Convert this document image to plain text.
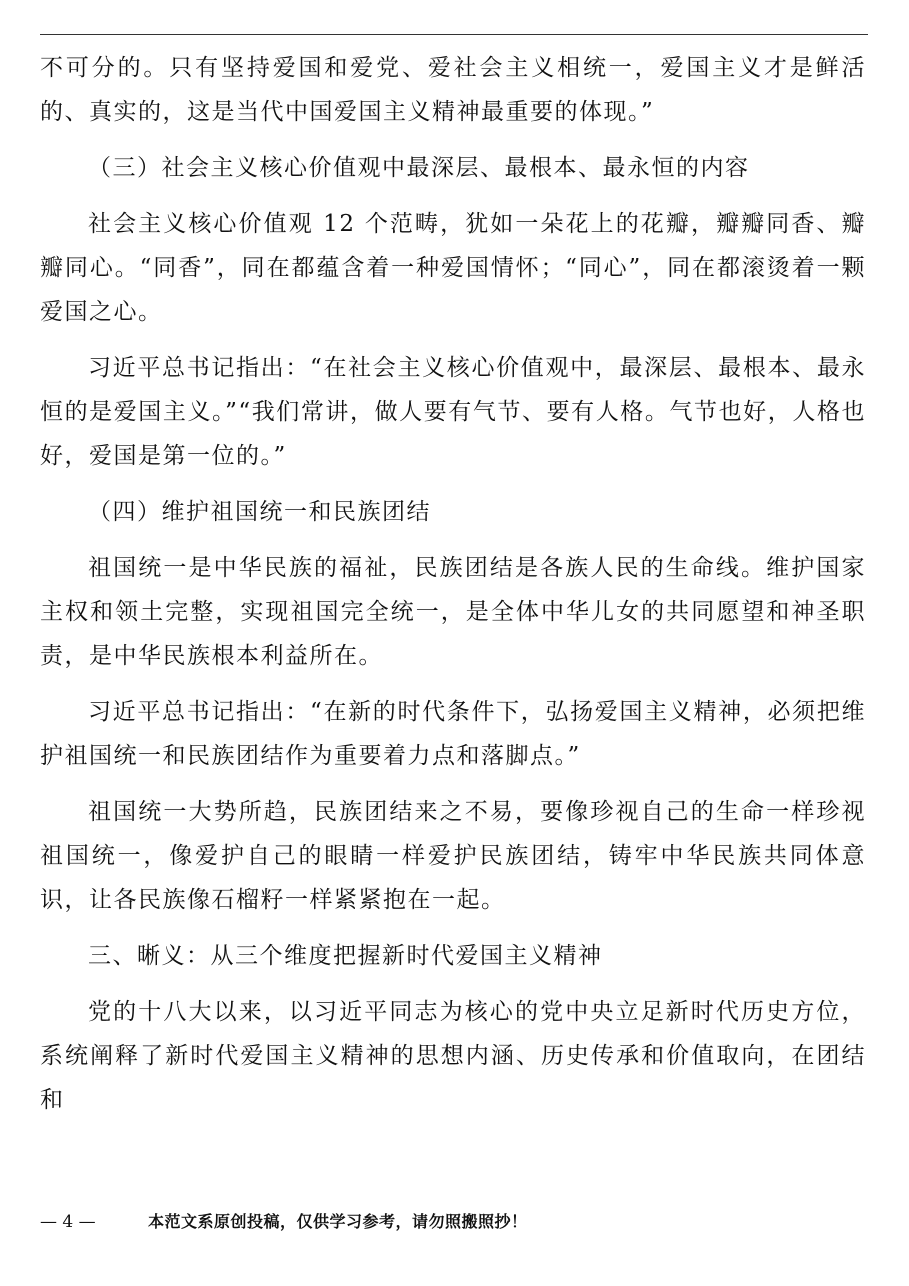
不可分的。只有坚持爱国和爱党、爱社会主义相统一，爱国主义才是鲜活的、真实的，这是当代中国爱国主义精神最重要的体现。”

（三）社会主义核心价值观中最深层、最根本、最永恒的内容

社会主义核心价值观 12 个范畴，犹如一朵花上的花瓣，瓣瓣同香、瓣瓣同心。“同香”，同在都蕴含着一种爱国情怀；“同心”，同在都滚烫着一颗爱国之心。

习近平总书记指出：“在社会主义核心价值观中，最深层、最根本、最永恒的是爱国主义。”“我们常讲，做人要有气节、要有人格。气节也好，人格也好，爱国是第一位的。”

（四）维护祖国统一和民族团结

祖国统一是中华民族的福祉，民族团结是各族人民的生命线。维护国家主权和领土完整，实现祖国完全统一，是全体中华儿女的共同愿望和神圣职责，是中华民族根本利益所在。

习近平总书记指出：“在新的时代条件下，弘扬爱国主义精神，必须把维护祖国统一和民族团结作为重要着力点和落脚点。”

祖国统一大势所趋，民族团结来之不易，要像珍视自己的生命一样珍视祖国统一，像爱护自己的眼睛一样爱护民族团结，铸牢中华民族共同体意识，让各民族像石榴籽一样紧紧抱在一起。

三、晰义：从三个维度把握新时代爱国主义精神

党的十八大以来，以习近平同志为核心的党中央立足新时代历史方位，系统阐释了新时代爱国主义精神的思想内涵、历史传承和价值取向，在团结和

— 4 —	本范文系原创投稿，仅供学习参考，请勿照搬照抄！
